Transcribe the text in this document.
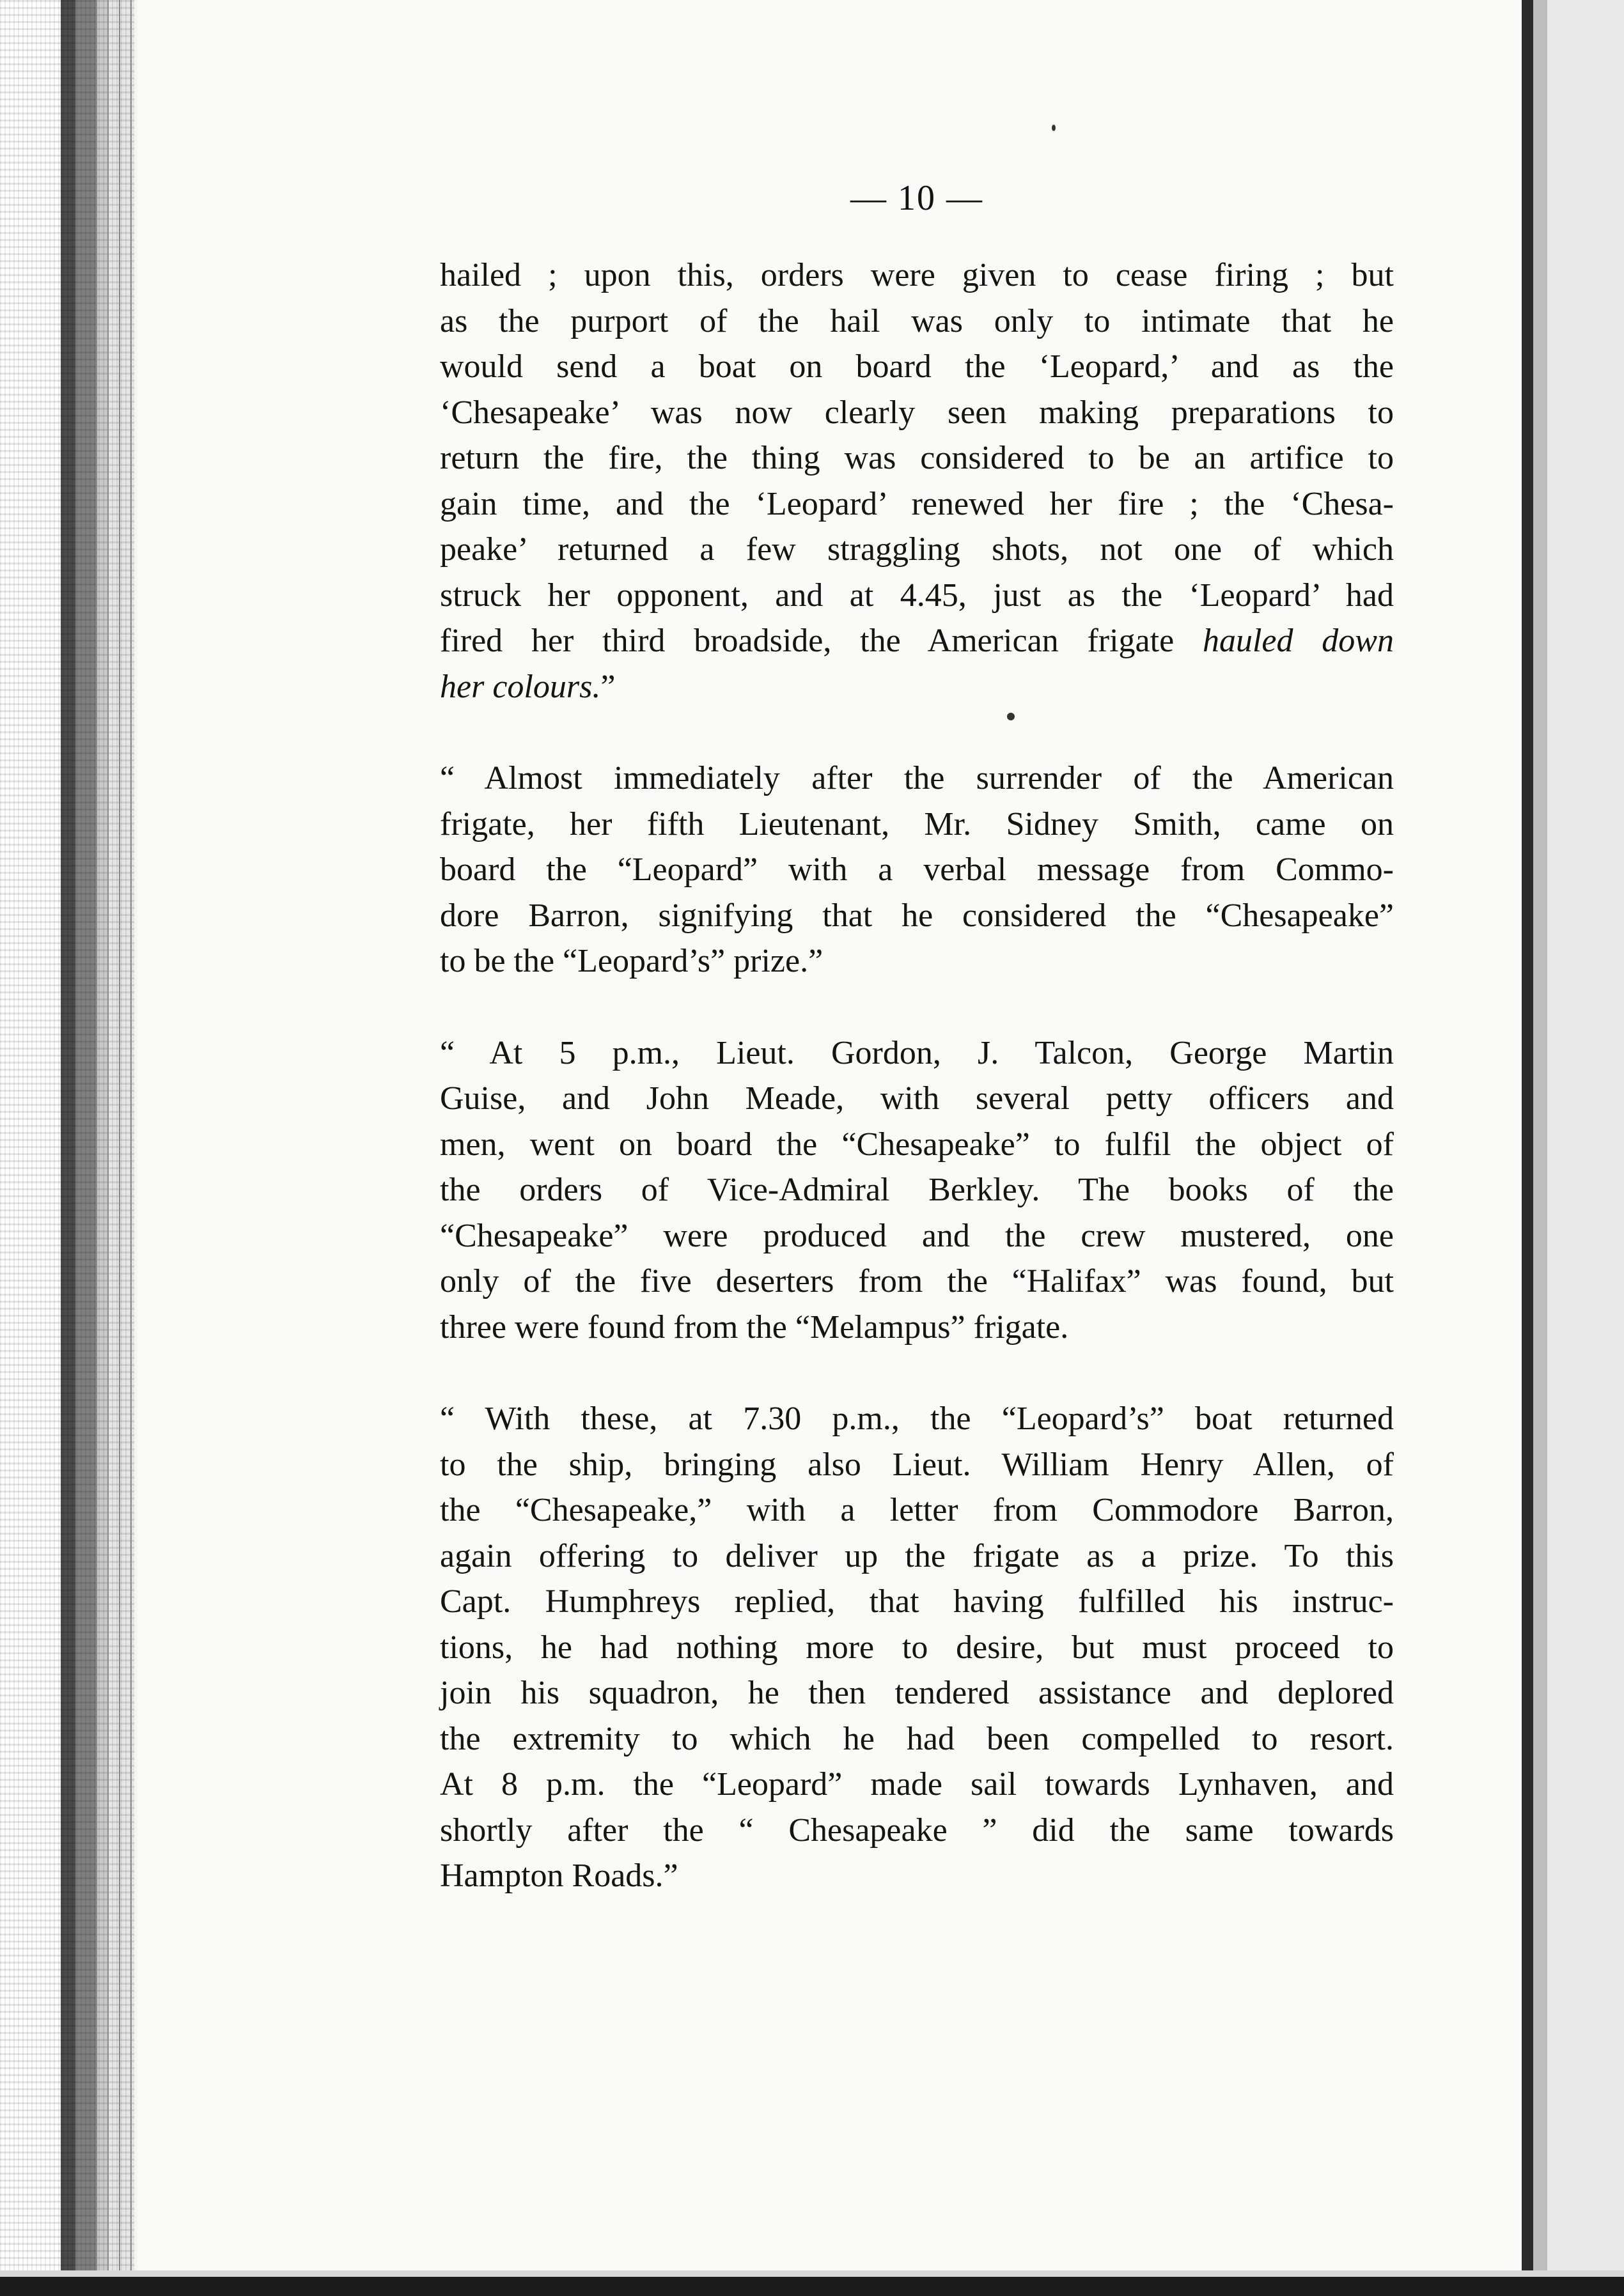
— 10 —

hailed ; upon this, orders were given to cease firing ; but
as the purport of the hail was only to intimate that he
would send a boat on board the ‘Leopard,’ and as the
‘Chesapeake’ was now clearly seen making preparations to
return the fire, the thing was considered to be an artifice to
gain time, and the ‘Leopard’ renewed her fire ; the ‘Chesa-
peake’ returned a few straggling shots, not one of which
struck her opponent, and at 4.45, just as the ‘Leopard’ had
fired her third broadside, the American frigate hauled down
her colours.”

“ Almost immediately after the surrender of the American
frigate, her fifth Lieutenant, Mr. Sidney Smith, came on
board the “Leopard” with a verbal message from Commo-
dore Barron, signifying that he considered the “Chesapeake”
to be the “Leopard’s” prize.”

“ At 5 p.m., Lieut. Gordon, J. Talcon, George Martin
Guise, and John Meade, with several petty officers and
men, went on board the “Chesapeake” to fulfil the object of
the orders of Vice-Admiral Berkley. The books of the
“Chesapeake” were produced and the crew mustered, one
only of the five deserters from the “Halifax” was found, but
three were found from the “Melampus” frigate.

“ With these, at 7.30 p.m., the “Leopard’s” boat returned
to the ship, bringing also Lieut. William Henry Allen, of
the “Chesapeake,” with a letter from Commodore Barron,
again offering to deliver up the frigate as a prize. To this
Capt. Humphreys replied, that having fulfilled his instruc-
tions, he had nothing more to desire, but must proceed to
join his squadron, he then tendered assistance and deplored
the extremity to which he had been compelled to resort.
At 8 p.m. the “Leopard” made sail towards Lynhaven, and
shortly after the “ Chesapeake ” did the same towards
Hampton Roads.”
